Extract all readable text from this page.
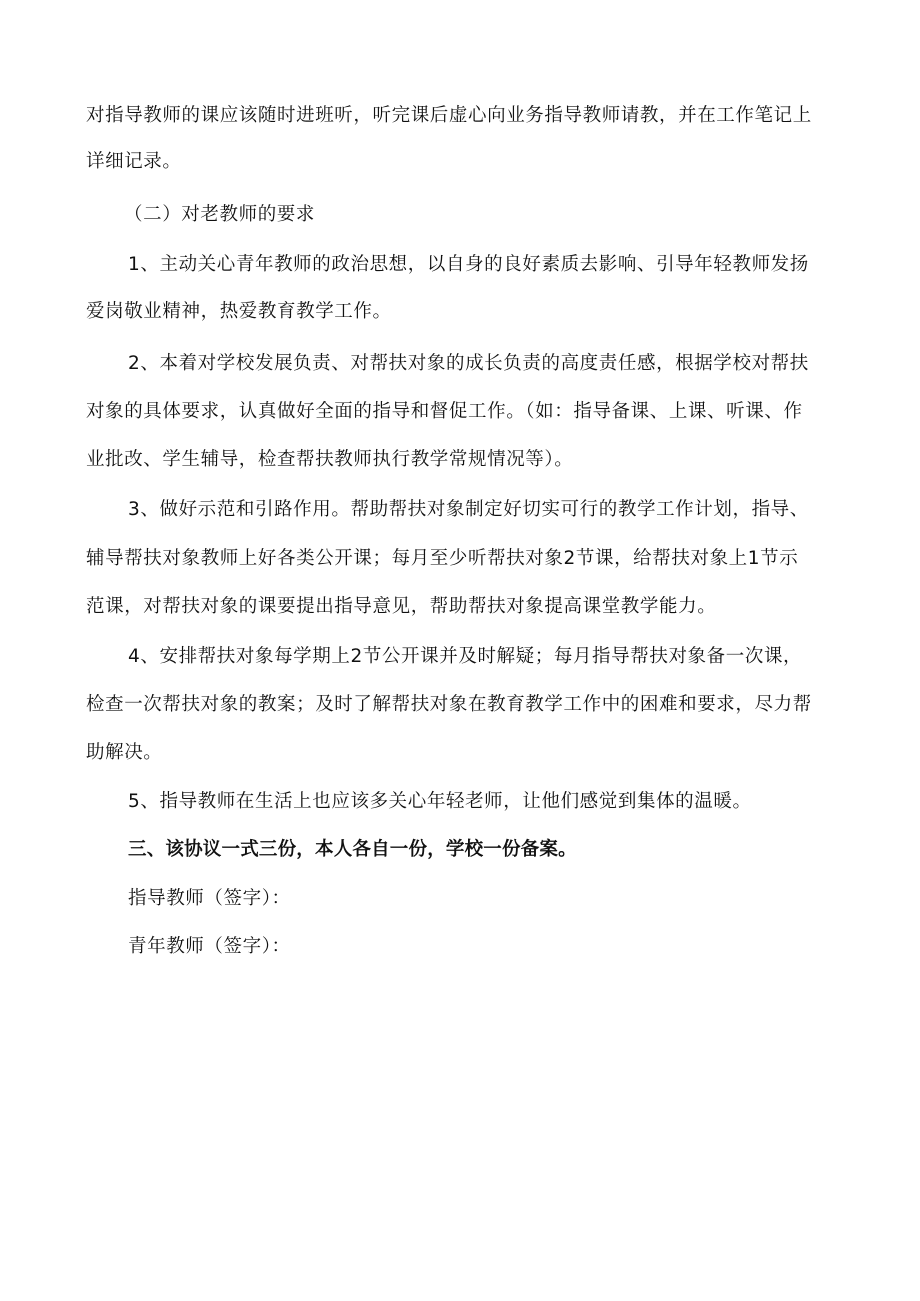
对指导教师的课应该随时进班听，听完课后虚心向业务指导教师请教，并在工作笔记上
详细记录。
（二）对老教师的要求
1、主动关心青年教师的政治思想，以自身的良好素质去影响、引导年轻教师发扬
爱岗敬业精神，热爱教育教学工作。
2、本着对学校发展负责、对帮扶对象的成长负责的高度责任感，根据学校对帮扶
对象的具体要求，认真做好全面的指导和督促工作。（如：指导备课、上课、听课、作
业批改、学生辅导，检查帮扶教师执行教学常规情况等）。
3、做好示范和引路作用。帮助帮扶对象制定好切实可行的教学工作计划，指导、
辅导帮扶对象教师上好各类公开课；每月至少听帮扶对象2节课，给帮扶对象上1节示
范课，对帮扶对象的课要提出指导意见，帮助帮扶对象提高课堂教学能力。
4、安排帮扶对象每学期上2节公开课并及时解疑；每月指导帮扶对象备一次课，
检查一次帮扶对象的教案；及时了解帮扶对象在教育教学工作中的困难和要求，尽力帮
助解决。
5、指导教师在生活上也应该多关心年轻老师，让他们感觉到集体的温暖。
三、该协议一式三份，本人各自一份，学校一份备案。
指导教师（签字）：
青年教师（签字）：
